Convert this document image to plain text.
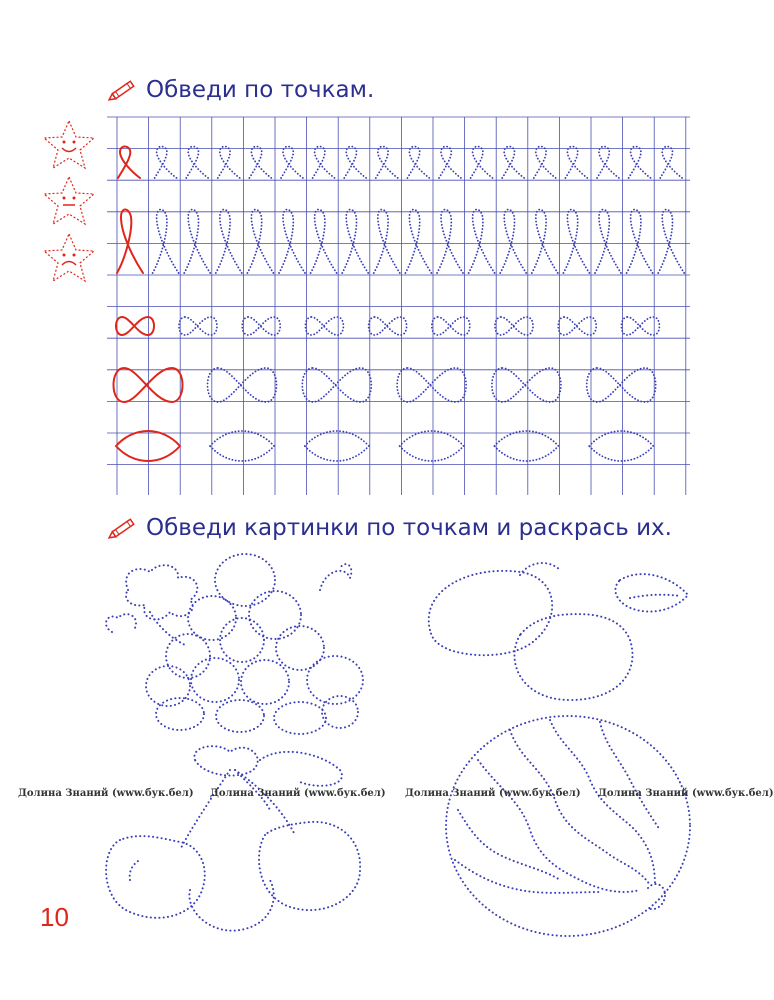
Обведи по точкам.
Обведи картинки по точкам и раскрась их.
Долина Знаний (www.бук.бел) Долина Знаний (www.бук.бел) Долина Знаний (www.бук.бел) Долина Знаний (www.бук.бел)
10
